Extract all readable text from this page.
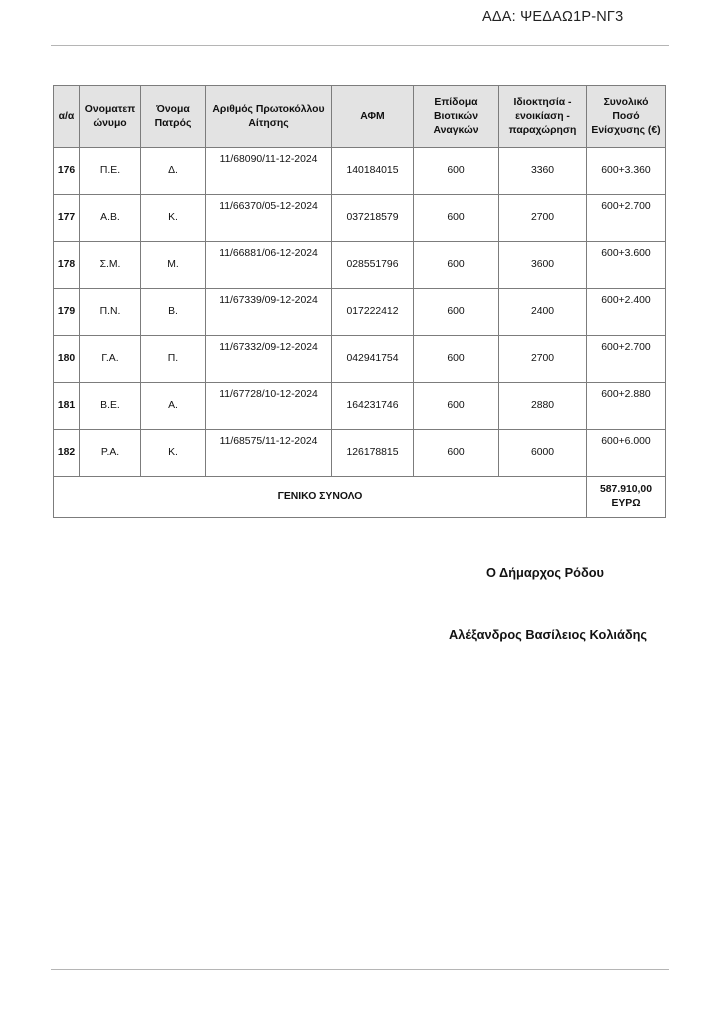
ΑΔΑ: ΨΕΔΑΩ1Ρ-ΝΓ3
α/α	Ονοματεπ ώνυμο	Όνομα Πατρός	Αριθμός Πρωτοκόλλου Αίτησης	ΑΦΜ	Επίδομα Βιοτικών Αναγκών	Ιδιοκτησία - ενοικίαση - παραχώρηση	Συνολικό Ποσό Ενίσχυσης (€)
176	Π.Ε.	Δ.	11/68090/11-12-2024	140184015	600	3360	600+3.360
177	Α.Β.	Κ.	11/66370/05-12-2024	037218579	600	2700	600+2.700
178	Σ.Μ.	Μ.	11/66881/06-12-2024	028551796	600	3600	600+3.600
179	Π.Ν.	Β.	11/67339/09-12-2024	017222412	600	2400	600+2.400
180	Γ.Α.	Π.	11/67332/09-12-2024	042941754	600	2700	600+2.700
181	Β.Ε.	Α.	11/67728/10-12-2024	164231746	600	2880	600+2.880
182	Ρ.Α.	Κ.	11/68575/11-12-2024	126178815	600	6000	600+6.000
ΓΕΝΙΚΟ ΣΥΝΟΛΟ							587.910,00
ΕΥΡΩ
Ο Δήμαρχος Ρόδου
Αλέξανδρος Βασίλειος Κολιάδης
